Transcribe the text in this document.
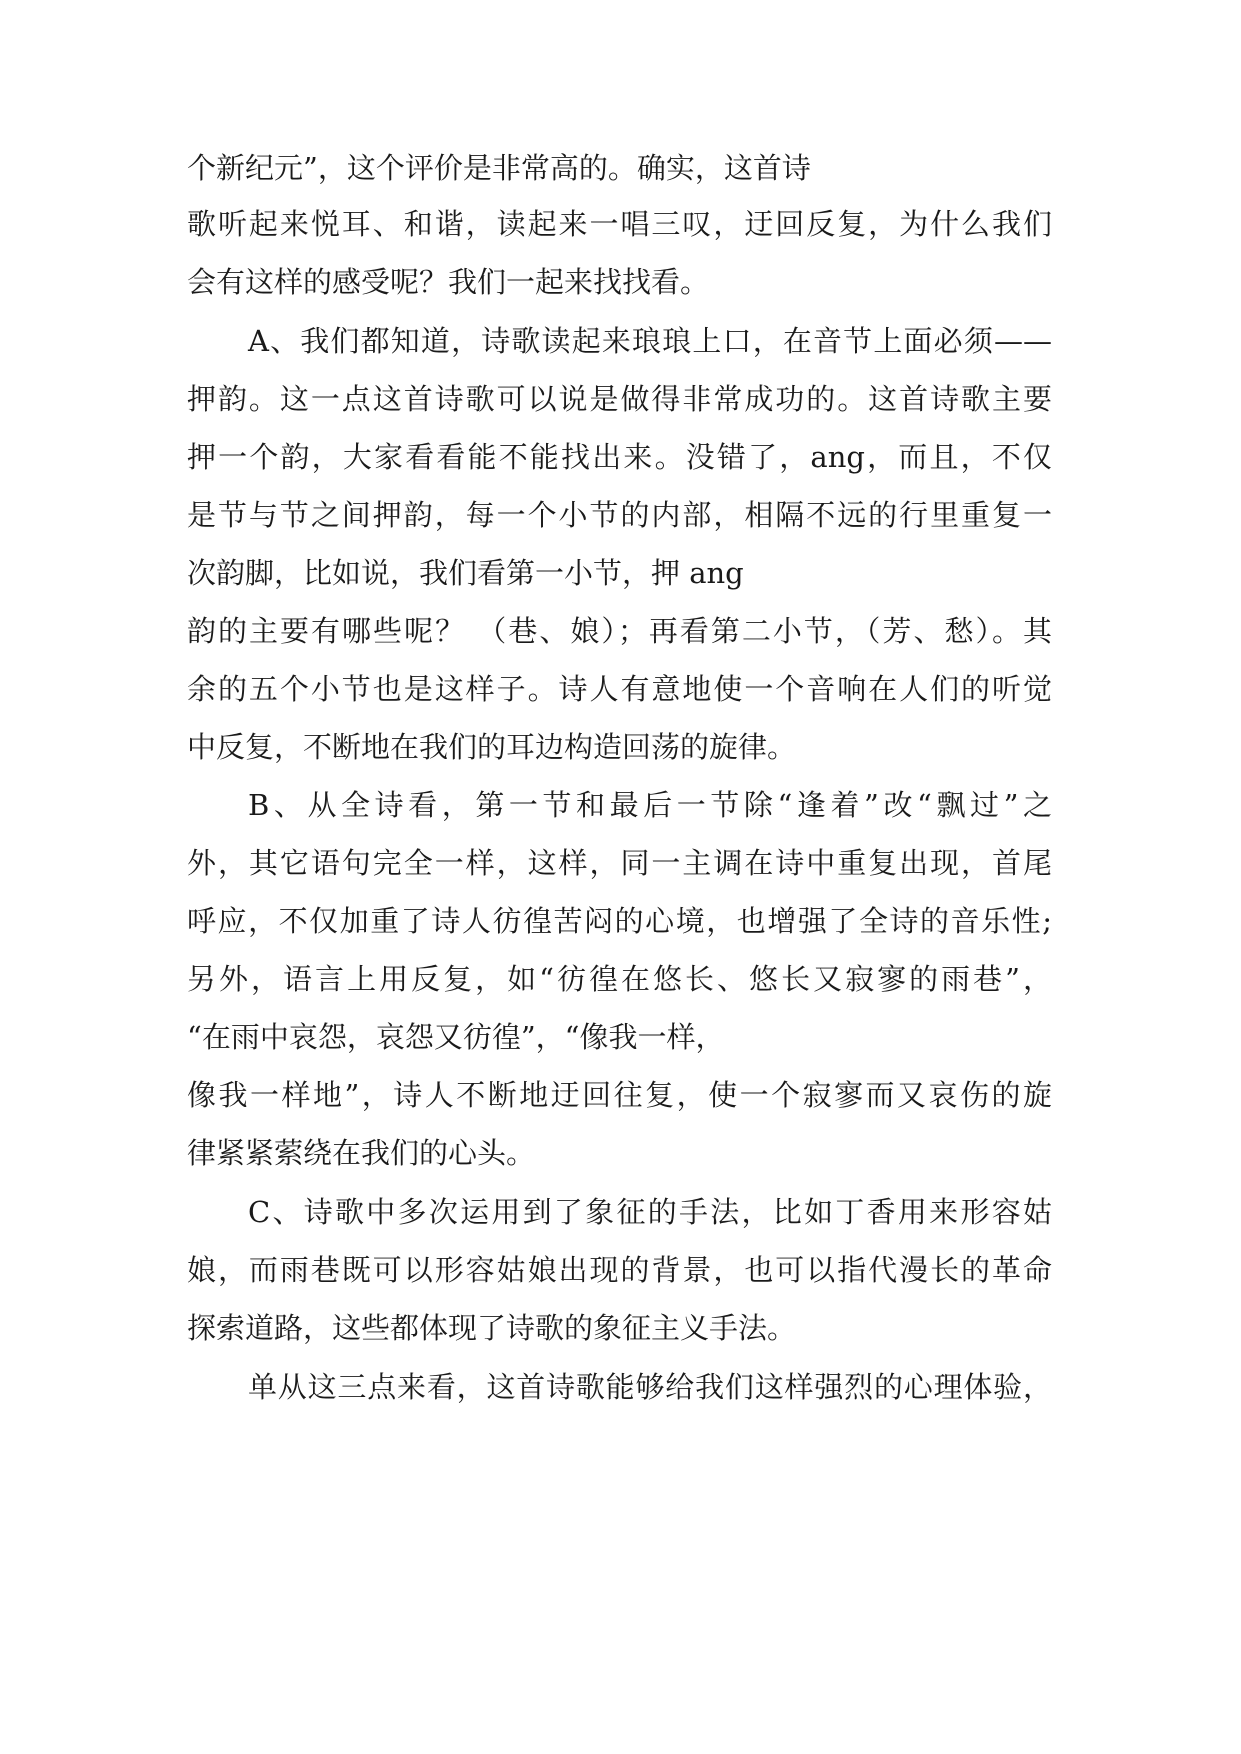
个新纪元”，这个评价是非常高的。确实，这首诗
歌听起来悦耳、和谐，读起来一唱三叹，迂回反复，为什么我们
会有这样的感受呢？我们一起来找找看。
A、我们都知道，诗歌读起来琅琅上口，在音节上面必须——
押韵。这一点这首诗歌可以说是做得非常成功的。这首诗歌主要
押一个韵，大家看看能不能找出来。没错了，ang，而且，不仅
是节与节之间押韵，每一个小节的内部，相隔不远的行里重复一
次韵脚，比如说，我们看第一小节，押 ang
韵的主要有哪些呢？ （巷、娘）；再看第二小节，（芳、愁）。其
余的五个小节也是这样子。诗人有意地使一个音响在人们的听觉
中反复，不断地在我们的耳边构造回荡的旋律。
B、从全诗看，第一节和最后一节除“逢着”改“飘过”之
外，其它语句完全一样，这样，同一主调在诗中重复出现，首尾
呼应，不仅加重了诗人彷徨苦闷的心境，也增强了全诗的音乐性;
另外，语言上用反复，如“彷徨在悠长、悠长又寂寥的雨巷”，
“在雨中哀怨，哀怨又彷徨”，“像我一样，
像我一样地”，诗人不断地迂回往复，使一个寂寥而又哀伤的旋
律紧紧萦绕在我们的心头。
C、诗歌中多次运用到了象征的手法，比如丁香用来形容姑
娘，而雨巷既可以形容姑娘出现的背景，也可以指代漫长的革命
探索道路，这些都体现了诗歌的象征主义手法。
单从这三点来看，这首诗歌能够给我们这样强烈的心理体验，
